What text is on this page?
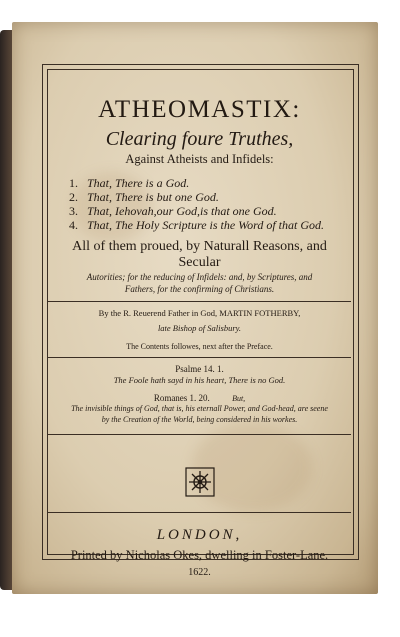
ATHEOMASTIX:
Clearing foure Truthes,
Against Atheists and Infidels:
1. That, There is a God.
2. That, There is but one God.
3. That, Iehovah,our God,is that one God.
4. That, The Holy Scripture is the Word of that God.
All of them proued, by Naturall Reasons, and Secular
Autorities; for the reducing of Infidels: and, by Scriptures, and
Fathers, for the confirming of Christians.
By the R. Reuerend Father in God, MARTIN FOTHERBY,
late Bishop of Salisbury.
The Contents followes, next after the Preface.
Psalme 14. 1.
The Foole hath sayd in his heart, There is no God.
Romanes 1. 20.	But,
The invisible things of God, that is, his eternall Power, and God-head, are seene
by the Creation of the World, being considered in his workes.
LONDON,
Printed by Nicholas Okes, dwelling in Foster-Lane.
1622.
